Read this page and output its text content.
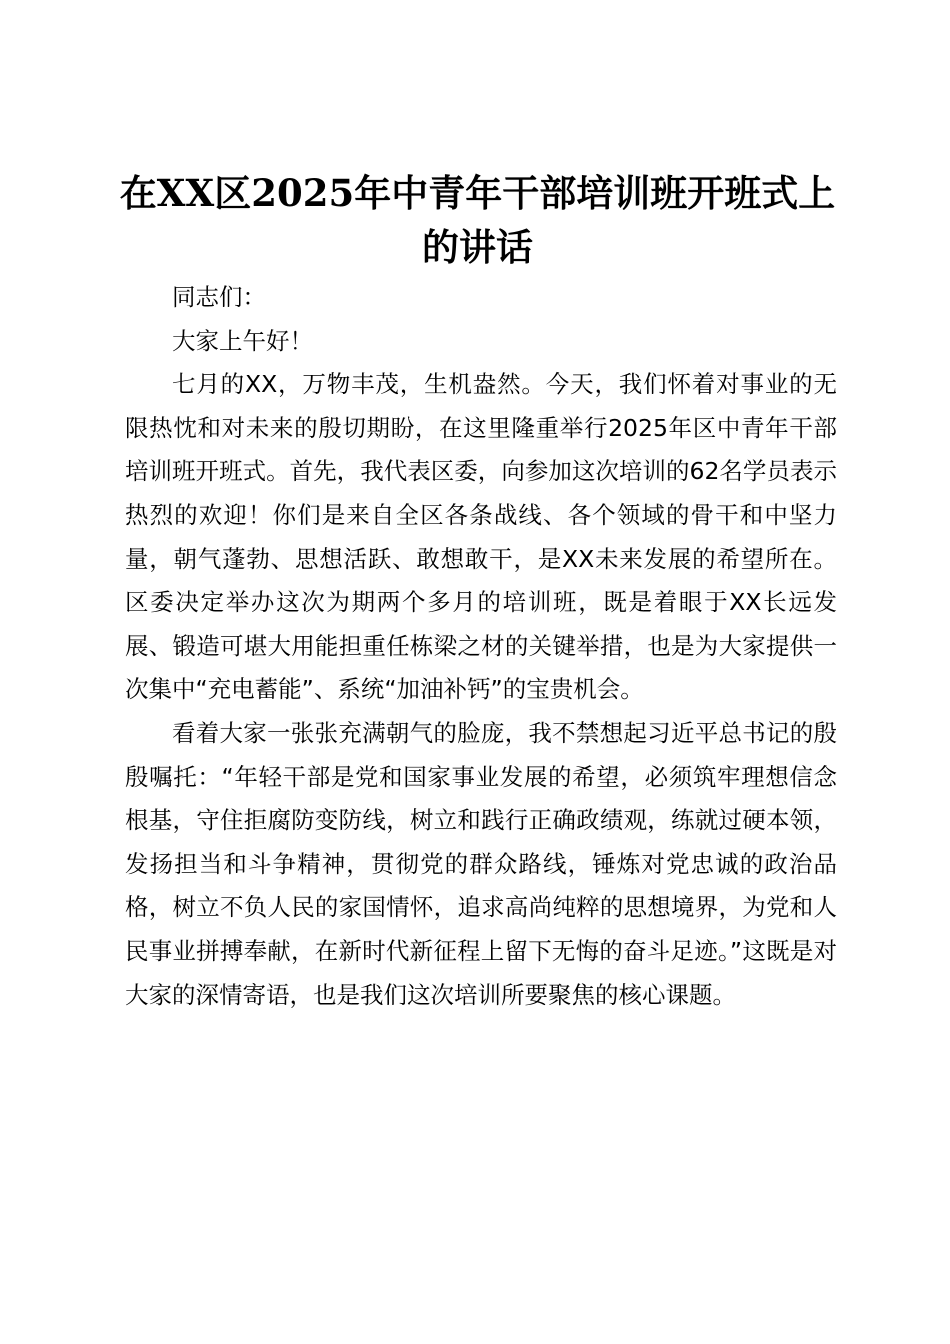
在XX区2025年中青年干部培训班开班式上的讲话

同志们：

大家上午好！

七月的XX，万物丰茂，生机盎然。今天，我们怀着对事业的无限热忱和对未来的殷切期盼，在这里隆重举行2025年区中青年干部培训班开班式。首先，我代表区委，向参加这次培训的62名学员表示热烈的欢迎！你们是来自全区各条战线、各个领域的骨干和中坚力量，朝气蓬勃、思想活跃、敢想敢干，是XX未来发展的希望所在。区委决定举办这次为期两个多月的培训班，既是着眼于XX长远发展、锻造可堪大用能担重任栋梁之材的关键举措，也是为大家提供一次集中“充电蓄能”、系统“加油补钙”的宝贵机会。

看着大家一张张充满朝气的脸庞，我不禁想起习近平总书记的殷殷嘱托：“年轻干部是党和国家事业发展的希望，必须筑牢理想信念根基，守住拒腐防变防线，树立和践行正确政绩观，练就过硬本领，发扬担当和斗争精神，贯彻党的群众路线，锤炼对党忠诚的政治品格，树立不负人民的家国情怀，追求高尚纯粹的思想境界，为党和人民事业拼搏奉献，在新时代新征程上留下无悔的奋斗足迹。”这既是对大家的深情寄语，也是我们这次培训所要聚焦的核心课题。
